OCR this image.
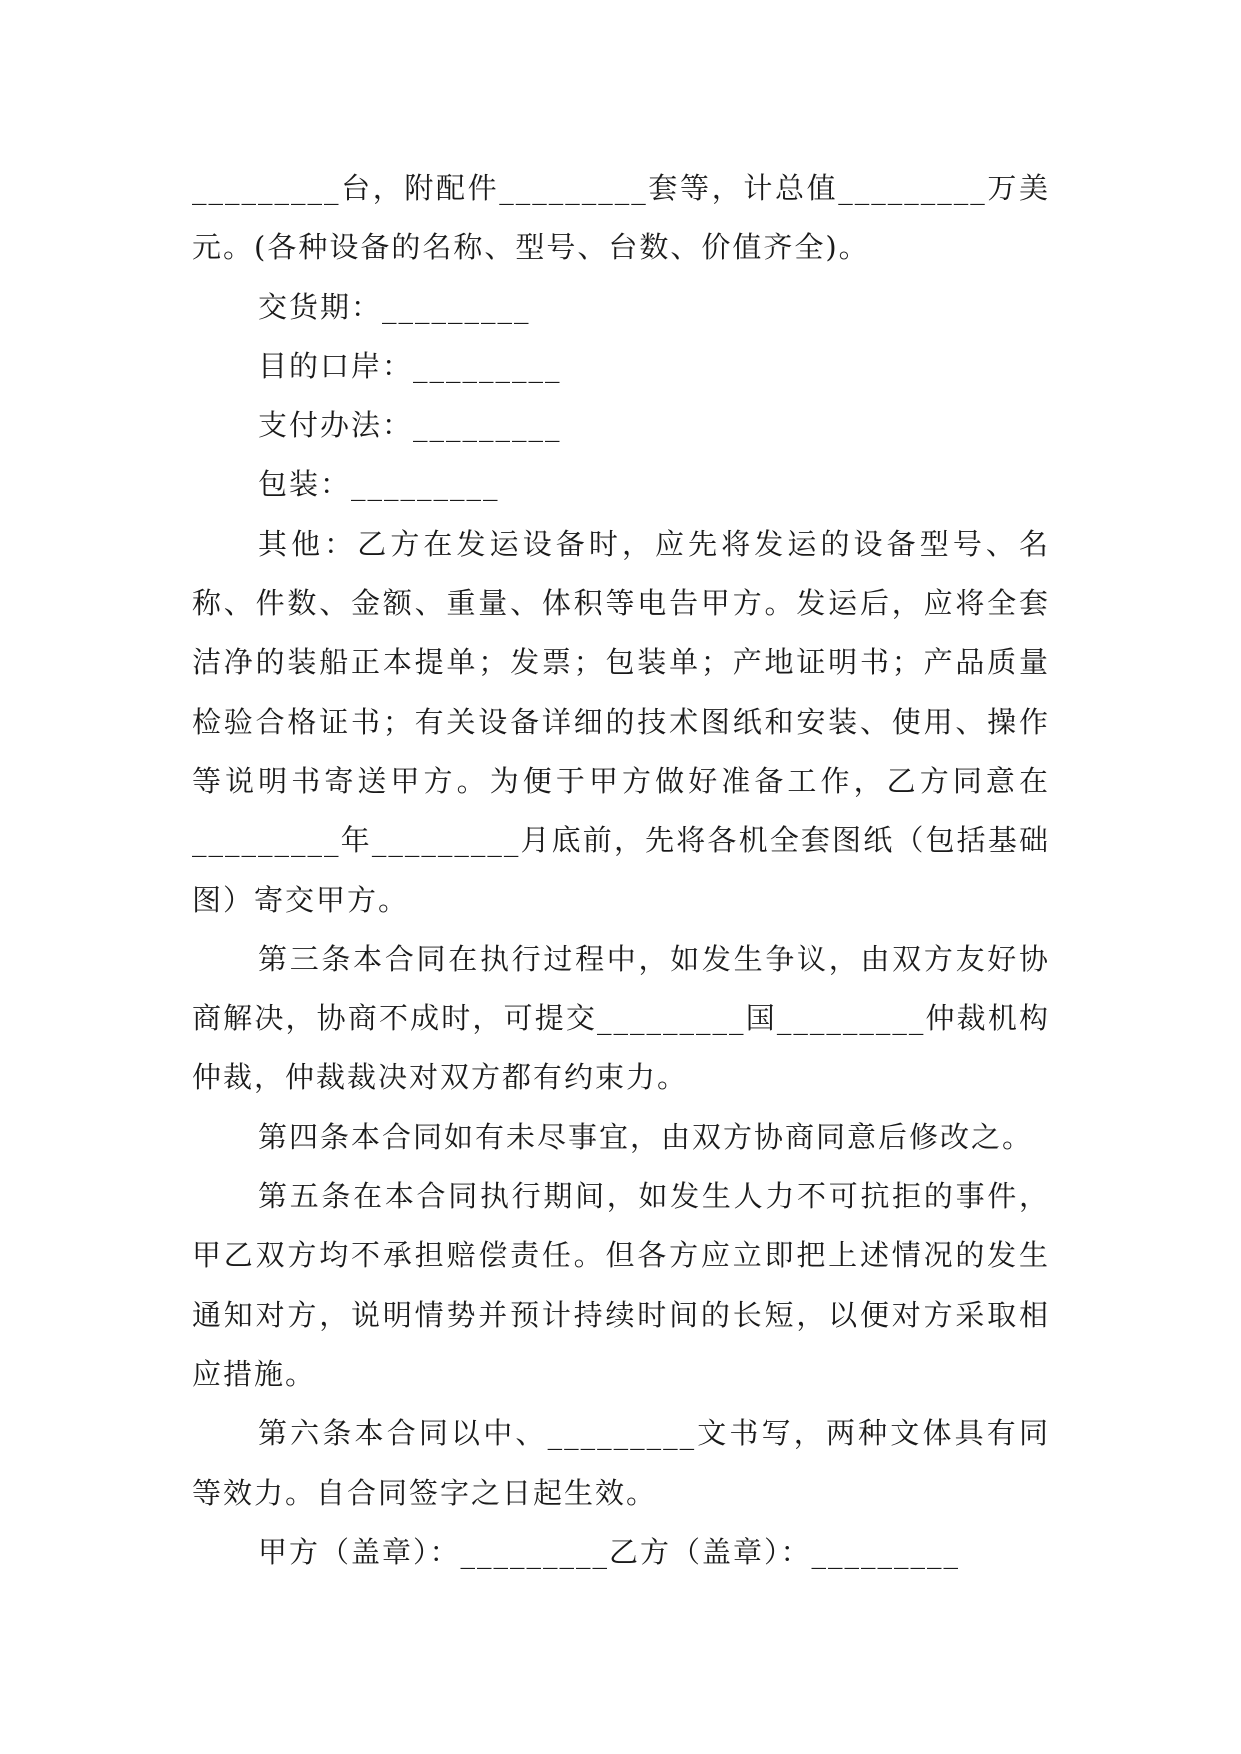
_________台，附配件_________套等，计总值_________万美元。(各种设备的名称、型号、台数、价值齐全)。

交货期：_________

目的口岸：_________

支付办法：_________

包装：_________

其他：乙方在发运设备时，应先将发运的设备型号、名称、件数、金额、重量、体积等电告甲方。发运后，应将全套洁净的装船正本提单；发票；包装单；产地证明书；产品质量检验合格证书；有关设备详细的技术图纸和安装、使用、操作等说明书寄送甲方。为便于甲方做好准备工作，乙方同意在_________年_________月底前，先将各机全套图纸（包括基础图）寄交甲方。

第三条本合同在执行过程中，如发生争议，由双方友好协商解决，协商不成时，可提交_________国_________仲裁机构仲裁，仲裁裁决对双方都有约束力。

第四条本合同如有未尽事宜，由双方协商同意后修改之。

第五条在本合同执行期间，如发生人力不可抗拒的事件，甲乙双方均不承担赔偿责任。但各方应立即把上述情况的发生通知对方，说明情势并预计持续时间的长短，以便对方采取相应措施。

第六条本合同以中、_________文书写，两种文体具有同等效力。自合同签字之日起生效。

甲方（盖章）：_________乙方（盖章）：_________
